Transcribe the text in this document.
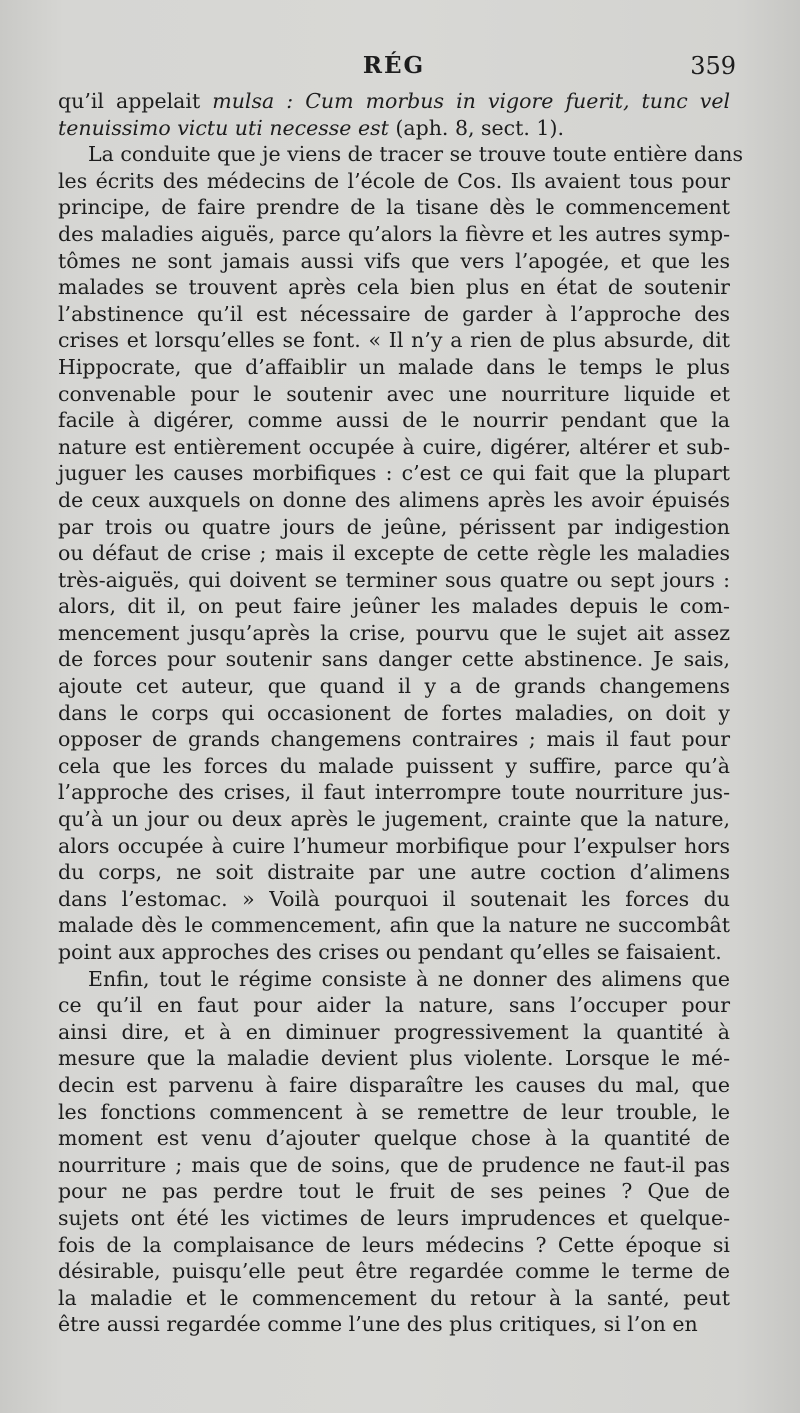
RÉG	359

qu’il appelait mulsa : Cum morbus in vigore fuerit, tunc vel
tenuissimo victu uti necesse est (aph. 8, sect. 1).

La conduite que je viens de tracer se trouve toute entière dans
les écrits des médecins de l’école de Cos. Ils avaient tous pour
principe, de faire prendre de la tisane dès le commencement
des maladies aiguës, parce qu’alors la fièvre et les autres symp-
tômes ne sont jamais aussi vifs que vers l’apogée, et que les
malades se trouvent après cela bien plus en état de soutenir
l’abstinence qu’il est nécessaire de garder à l’approche des
crises et lorsqu’elles se font. « Il n’y a rien de plus absurde, dit
Hippocrate, que d’affaiblir un malade dans le temps le plus
convenable pour le soutenir avec une nourriture liquide et
facile à digérer, comme aussi de le nourrir pendant que la
nature est entièrement occupée à cuire, digérer, altérer et sub-
juguer les causes morbifiques : c’est ce qui fait que la plupart
de ceux auxquels on donne des alimens après les avoir épuisés
par trois ou quatre jours de jeûne, périssent par indigestion
ou défaut de crise ; mais il excepte de cette règle les maladies
très-aiguës, qui doivent se terminer sous quatre ou sept jours :
alors, dit il, on peut faire jeûner les malades depuis le com-
mencement jusqu’après la crise, pourvu que le sujet ait assez
de forces pour soutenir sans danger cette abstinence. Je sais,
ajoute cet auteur, que quand il y a de grands changemens
dans le corps qui occasionent de fortes maladies, on doit y
opposer de grands changemens contraires ; mais il faut pour
cela que les forces du malade puissent y suffire, parce qu’à
l’approche des crises, il faut interrompre toute nourriture jus-
qu’à un jour ou deux après le jugement, crainte que la nature,
alors occupée à cuire l’humeur morbifique pour l’expulser hors
du corps, ne soit distraite par une autre coction d’alimens
dans l’estomac. » Voilà pourquoi il soutenait les forces du
malade dès le commencement, afin que la nature ne succombât
point aux approches des crises ou pendant qu’elles se faisaient.

Enfin, tout le régime consiste à ne donner des alimens que
ce qu’il en faut pour aider la nature, sans l’occuper pour
ainsi dire, et à en diminuer progressivement la quantité à
mesure que la maladie devient plus violente. Lorsque le mé-
decin est parvenu à faire disparaître les causes du mal, que
les fonctions commencent à se remettre de leur trouble, le
moment est venu d’ajouter quelque chose à la quantité de
nourriture ; mais que de soins, que de prudence ne faut-il pas
pour ne pas perdre tout le fruit de ses peines ? Que de
sujets ont été les victimes de leurs imprudences et quelque-
fois de la complaisance de leurs médecins ? Cette époque si
désirable, puisqu’elle peut être regardée comme le terme de
la maladie et le commencement du retour à la santé, peut
être aussi regardée comme l’une des plus critiques, si l’on en
